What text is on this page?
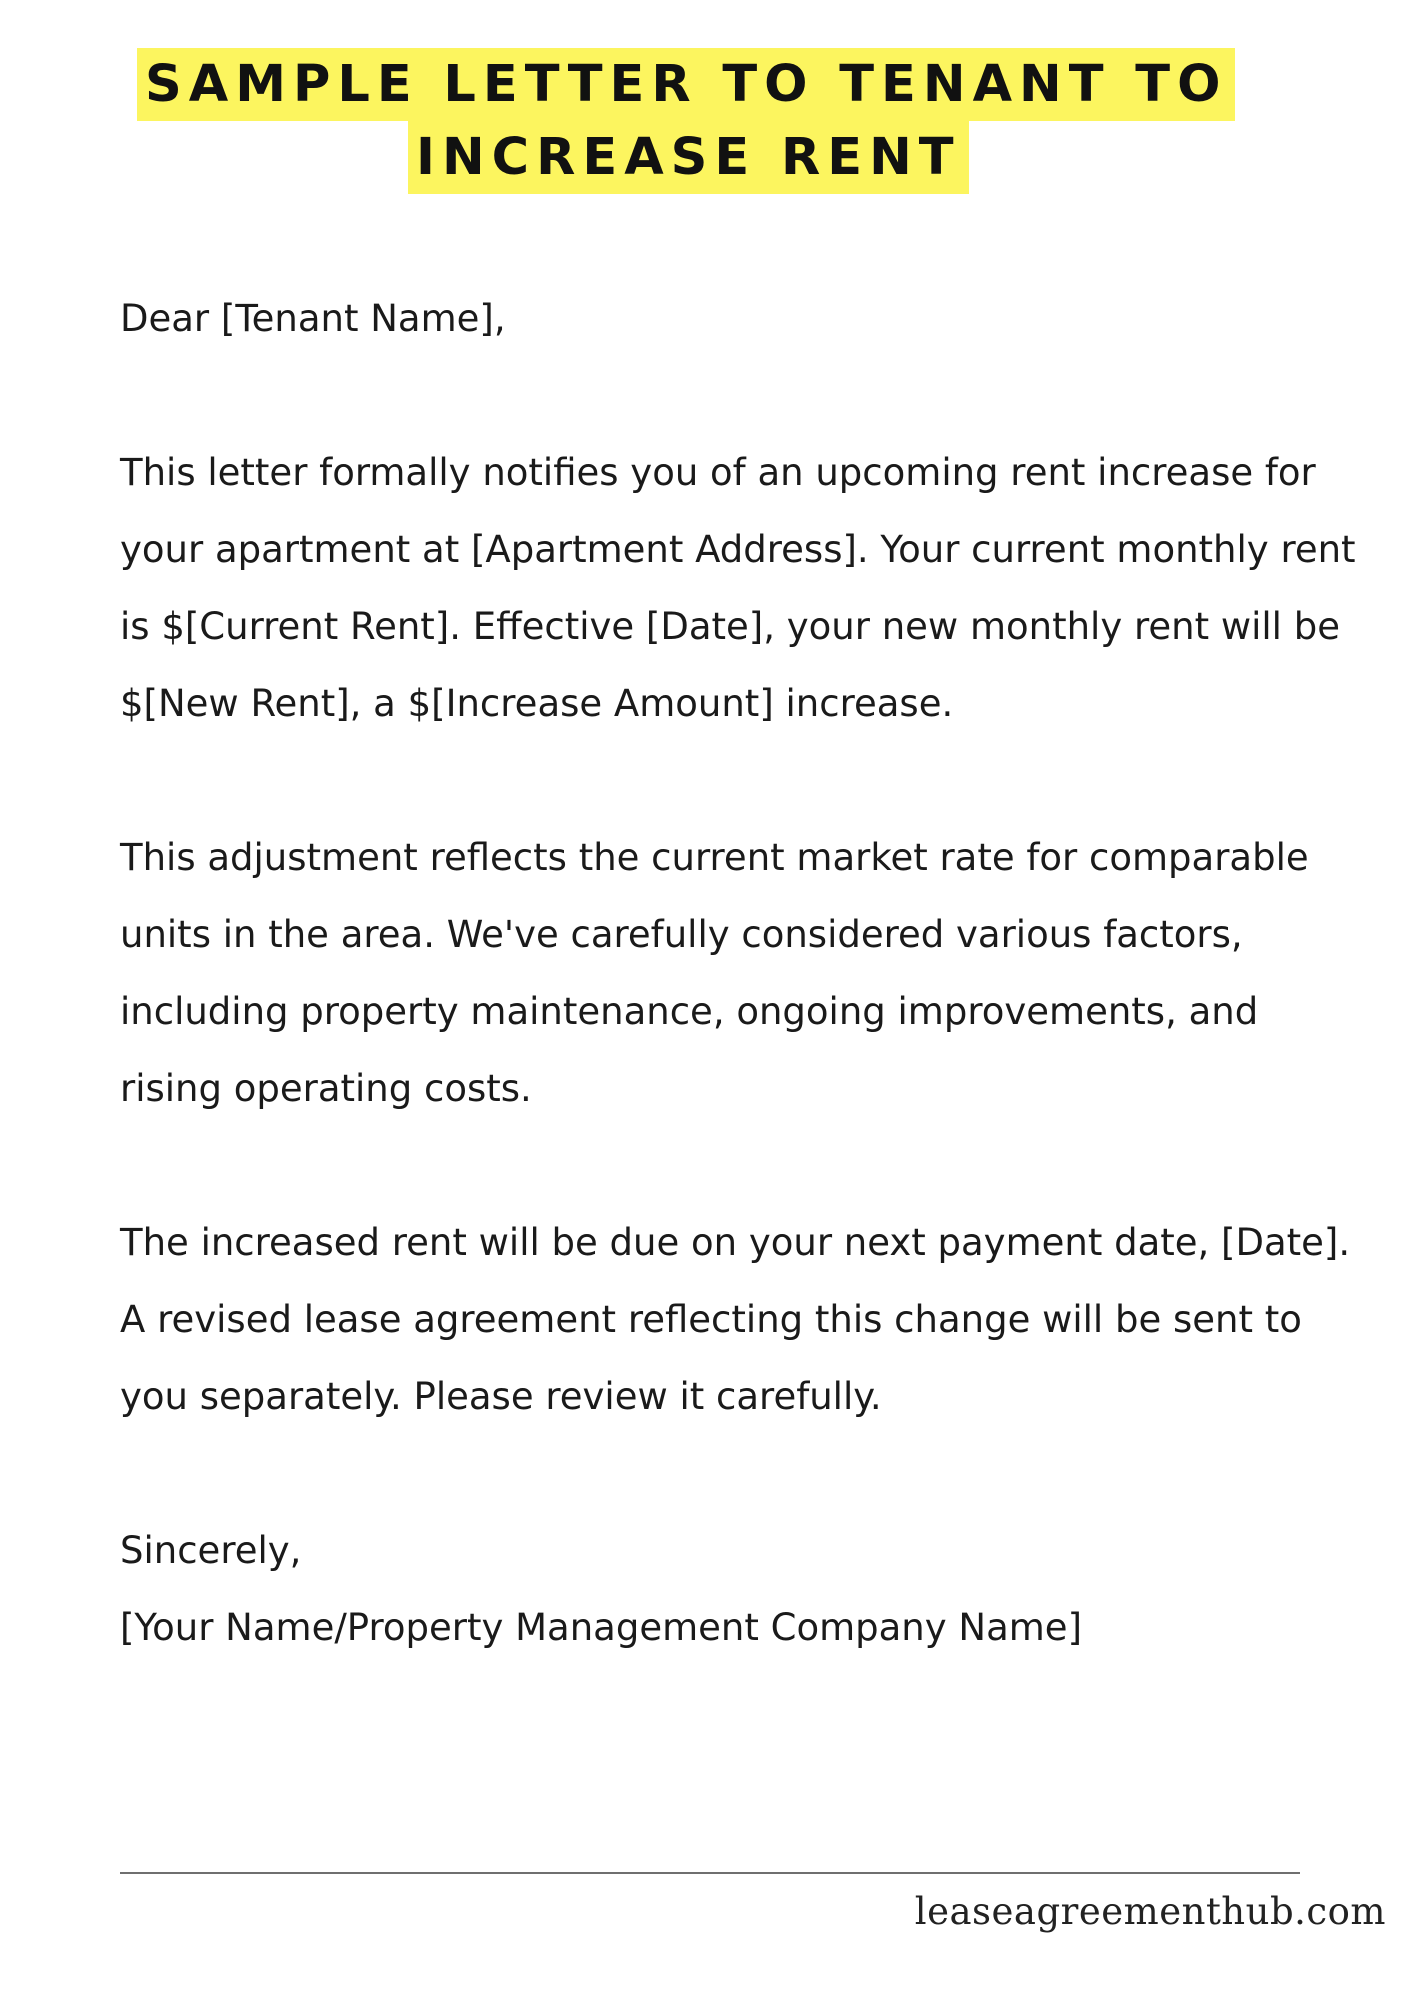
SAMPLE LETTER TO TENANT TO
INCREASE RENT

Dear [Tenant Name],

This letter formally notifies you of an upcoming rent increase for your apartment at [Apartment Address]. Your current monthly rent is $[Current Rent]. Effective [Date], your new monthly rent will be $[New Rent], a $[Increase Amount] increase.

This adjustment reflects the current market rate for comparable units in the area. We've carefully considered various factors, including property maintenance, ongoing improvements, and rising operating costs.

The increased rent will be due on your next payment date, [Date]. A revised lease agreement reflecting this change will be sent to you separately. Please review it carefully.

Sincerely,

[Your Name/Property Management Company Name]

leaseagreementhub.com
